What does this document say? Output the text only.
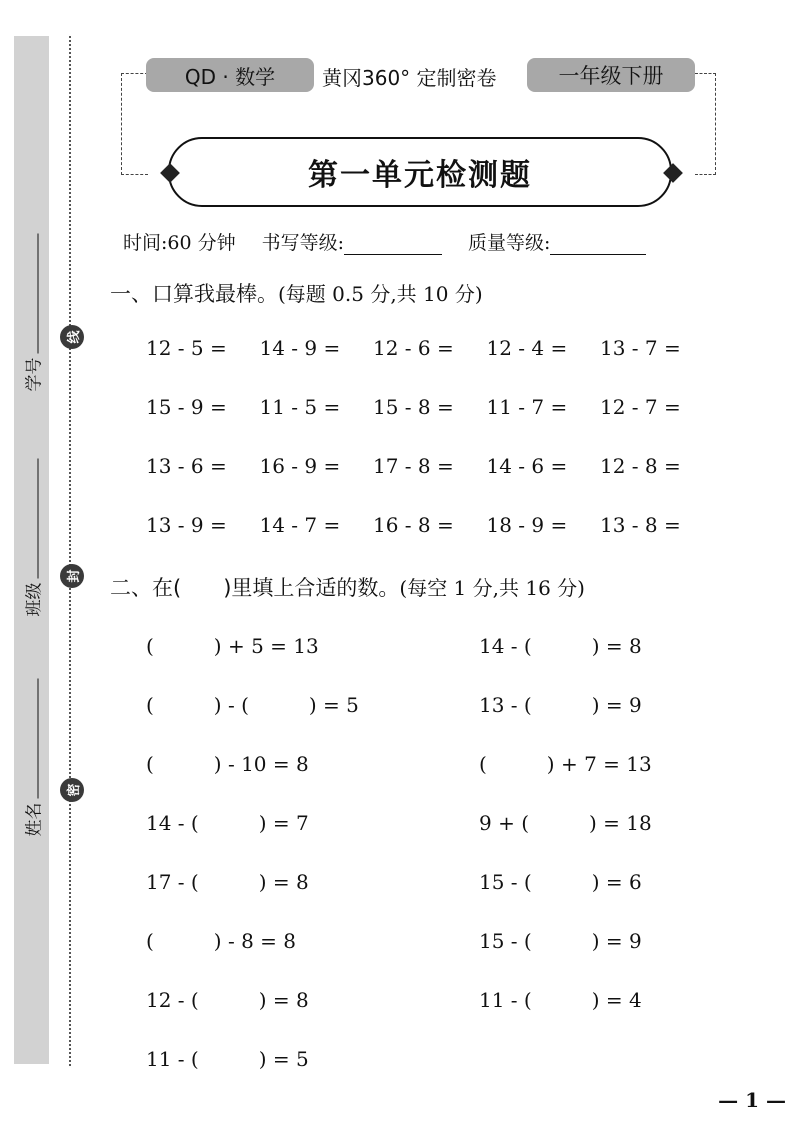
学号
班级
姓名
线
封
密
QD · 数学	黄冈360° 定制密卷	一年级下册
第一单元检测题
时间:60 分钟 书写等级:	质量等级:
一、口算我最棒。(每题 0.5 分,共 10 分)
12 - 5 =	14 - 9 =	12 - 6 =	12 - 4 =	13 - 7 =
15 - 9 =	11 - 5 =	15 - 8 =	11 - 7 =	12 - 7 =
13 - 6 =	16 - 9 =	17 - 8 =	14 - 6 =	12 - 8 =
13 - 9 =	14 - 7 =	16 - 8 =	18 - 9 =	13 - 8 =
二、在(　　)里填上合适的数。(每空 1 分,共 16 分)
(　　　) + 5 = 13	14 - (　　　) = 8
(　　　) - (　　　) = 5	13 - (　　　) = 9
(　　　) - 10 = 8	(　　　) + 7 = 13
14 - (　　　) = 7	9 + (　　　) = 18
17 - (　　　) = 8	15 - (　　　) = 6
(　　　) - 8 = 8	15 - (　　　) = 9
12 - (　　　) = 8	11 - (　　　) = 4
11 - (　　　) = 5
— 1 —
